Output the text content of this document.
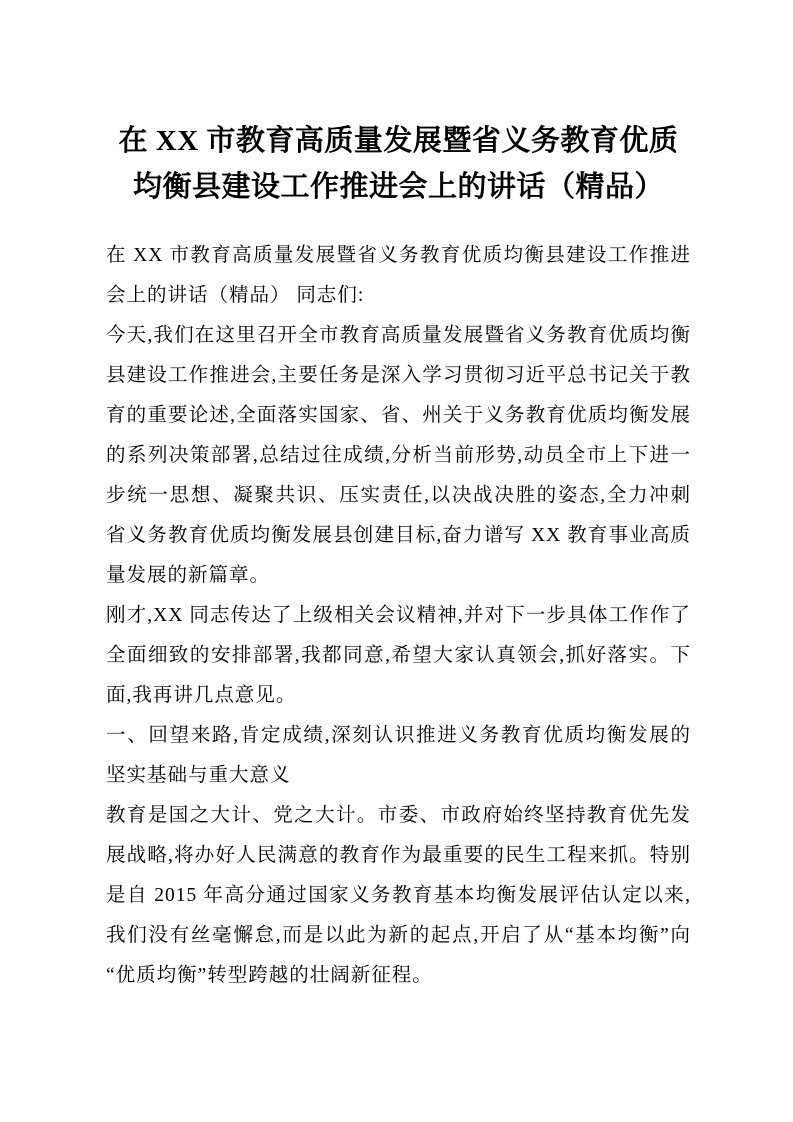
在 XX 市教育高质量发展暨省义务教育优质均衡县建设工作推进会上的讲话（精品）

在 XX 市教育高质量发展暨省义务教育优质均衡县建设工作推进会上的讲话（精品） 同志们:

今天,我们在这里召开全市教育高质量发展暨省义务教育优质均衡县建设工作推进会,主要任务是深入学习贯彻习近平总书记关于教育的重要论述,全面落实国家、省、州关于义务教育优质均衡发展的系列决策部署,总结过往成绩,分析当前形势,动员全市上下进一步统一思想、凝聚共识、压实责任,以决战决胜的姿态,全力冲刺省义务教育优质均衡发展县创建目标,奋力谱写 XX 教育事业高质量发展的新篇章。

刚才,XX 同志传达了上级相关会议精神,并对下一步具体工作作了全面细致的安排部署,我都同意,希望大家认真领会,抓好落实。下面,我再讲几点意见。

一、回望来路,肯定成绩,深刻认识推进义务教育优质均衡发展的坚实基础与重大意义

教育是国之大计、党之大计。市委、市政府始终坚持教育优先发展战略,将办好人民满意的教育作为最重要的民生工程来抓。特别是自 2015 年高分通过国家义务教育基本均衡发展评估认定以来,我们没有丝毫懈怠,而是以此为新的起点,开启了从“基本均衡”向“优质均衡”转型跨越的壮阔新征程。
